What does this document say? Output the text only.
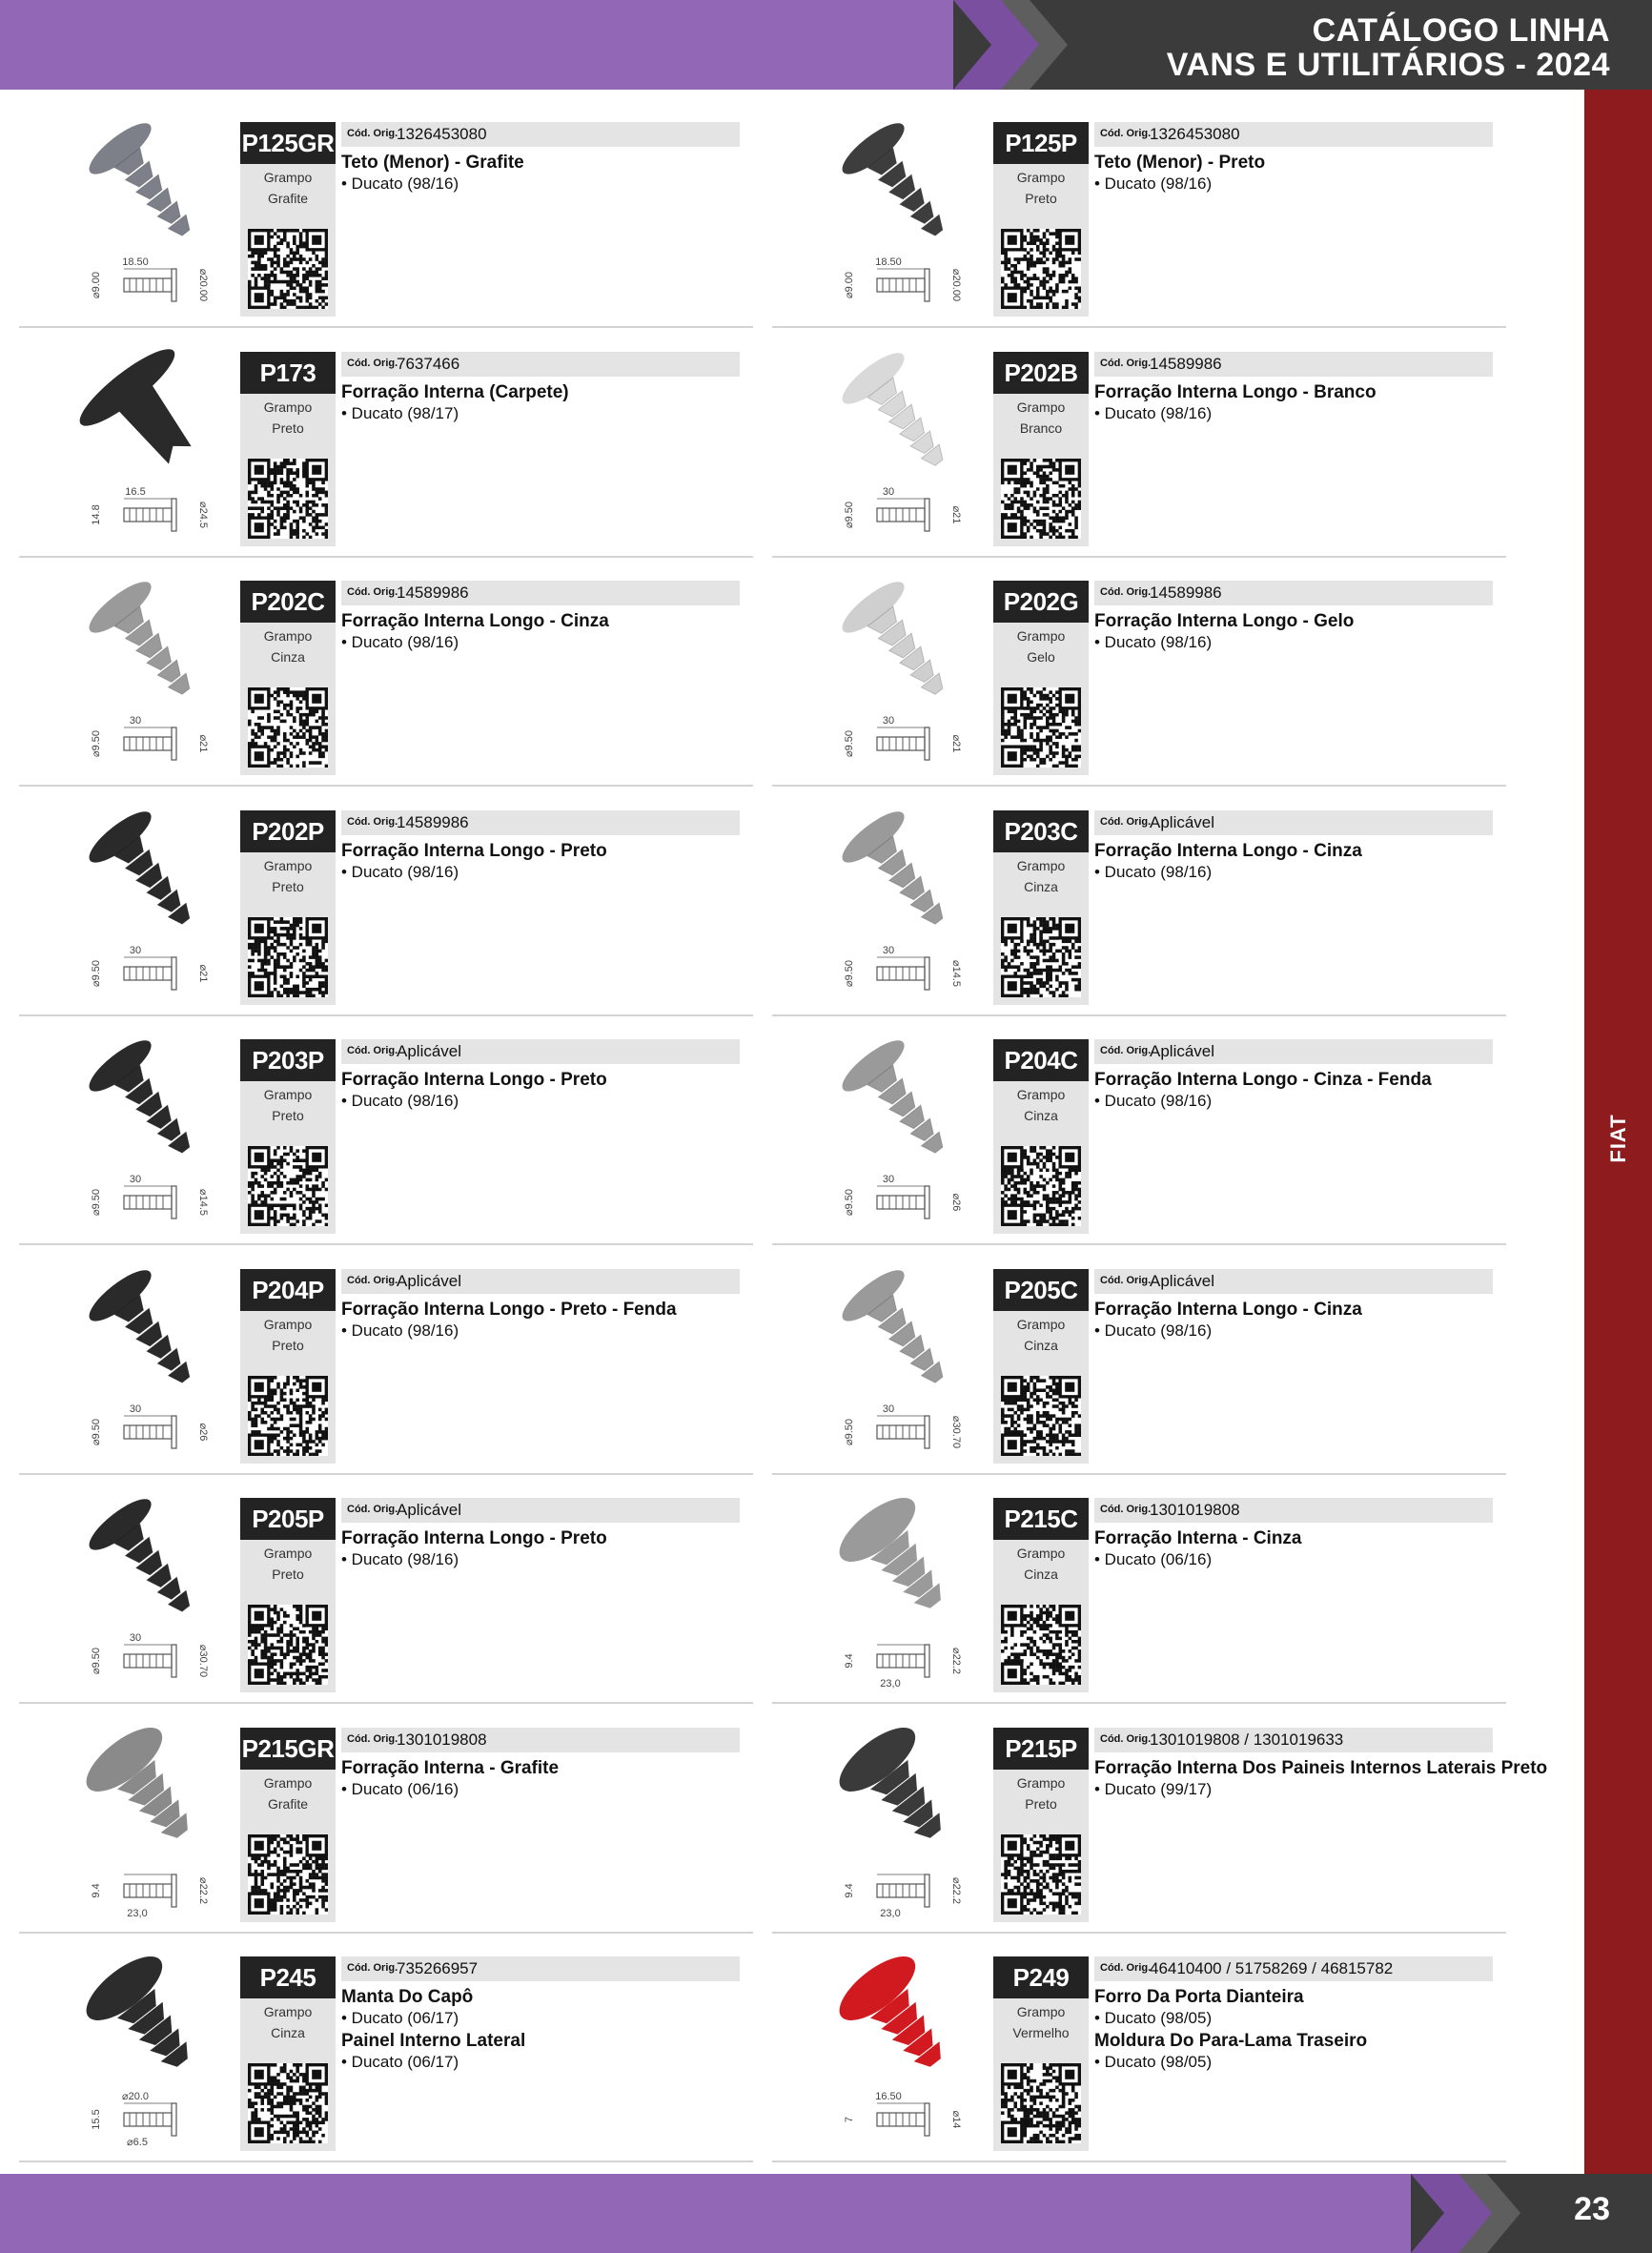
CATÁLOGO LINHA
VANS E UTILITÁRIOS - 2024
FIAT
18.50
⌀9.00	⌀20.00
P125GR
Grampo
Grafite
Cód. Orig.
1326453080
Teto (Menor) - Grafite
• Ducato (98/16)
18.50
⌀9.00	⌀20.00
P125P
Grampo
Preto
Cód. Orig.
1326453080
Teto (Menor) - Preto
• Ducato (98/16)
16.5
14.8	⌀24.5
P173
Grampo
Preto
Cód. Orig.
7637466
Forração Interna (Carpete)
• Ducato (98/17)
30
⌀9.50	⌀21
P202B
Grampo
Branco
Cód. Orig.
14589986
Forração Interna Longo - Branco
• Ducato (98/16)
30
⌀9.50	⌀21
P202C
Grampo
Cinza
Cód. Orig.
14589986
Forração Interna Longo - Cinza
• Ducato (98/16)
30
⌀9.50	⌀21
P202G
Grampo
Gelo
Cód. Orig.
14589986
Forração Interna Longo - Gelo
• Ducato (98/16)
30
⌀9.50	⌀21
P202P
Grampo
Preto
Cód. Orig.
14589986
Forração Interna Longo - Preto
• Ducato (98/16)
30
⌀9.50	⌀14.5
P203C
Grampo
Cinza
Cód. Orig.
Aplicável
Forração Interna Longo - Cinza
• Ducato (98/16)
30
⌀9.50	⌀14.5
P203P
Grampo
Preto
Cód. Orig.
Aplicável
Forração Interna Longo - Preto
• Ducato (98/16)
30
⌀9.50	⌀26
P204C
Grampo
Cinza
Cód. Orig.
Aplicável
Forração Interna Longo - Cinza - Fenda
• Ducato (98/16)
30
⌀9.50	⌀26
P204P
Grampo
Preto
Cód. Orig.
Aplicável
Forração Interna Longo - Preto - Fenda
• Ducato (98/16)
30
⌀9.50	⌀30.70
P205C
Grampo
Cinza
Cód. Orig.
Aplicável
Forração Interna Longo - Cinza
• Ducato (98/16)
30
⌀9.50	⌀30.70
P205P
Grampo
Preto
Cód. Orig.
Aplicável
Forração Interna Longo - Preto
• Ducato (98/16)
9.4	⌀22.2
23,0
P215C
Grampo
Cinza
Cód. Orig.
1301019808
Forração Interna - Cinza
• Ducato (06/16)
9.4	⌀22.2
23,0
P215GR
Grampo
Grafite
Cód. Orig.
1301019808
Forração Interna - Grafite
• Ducato (06/16)
9.4	⌀22.2
23,0
P215P
Grampo
Preto
Cód. Orig.
1301019808 / 1301019633
Forração Interna Dos Paineis Internos Laterais Preto
• Ducato (99/17)
⌀20.0
15.5
⌀6.5
P245
Grampo
Cinza
Cód. Orig.
735266957
Manta Do Capô
• Ducato (06/17)
Painel Interno Lateral
• Ducato (06/17)
16.50
7	⌀14
P249
Grampo
Vermelho
Cód. Orig.
46410400 / 51758269 / 46815782
Forro Da Porta Dianteira
• Ducato (98/05)
Moldura Do Para-Lama Traseiro
• Ducato (98/05)
23
